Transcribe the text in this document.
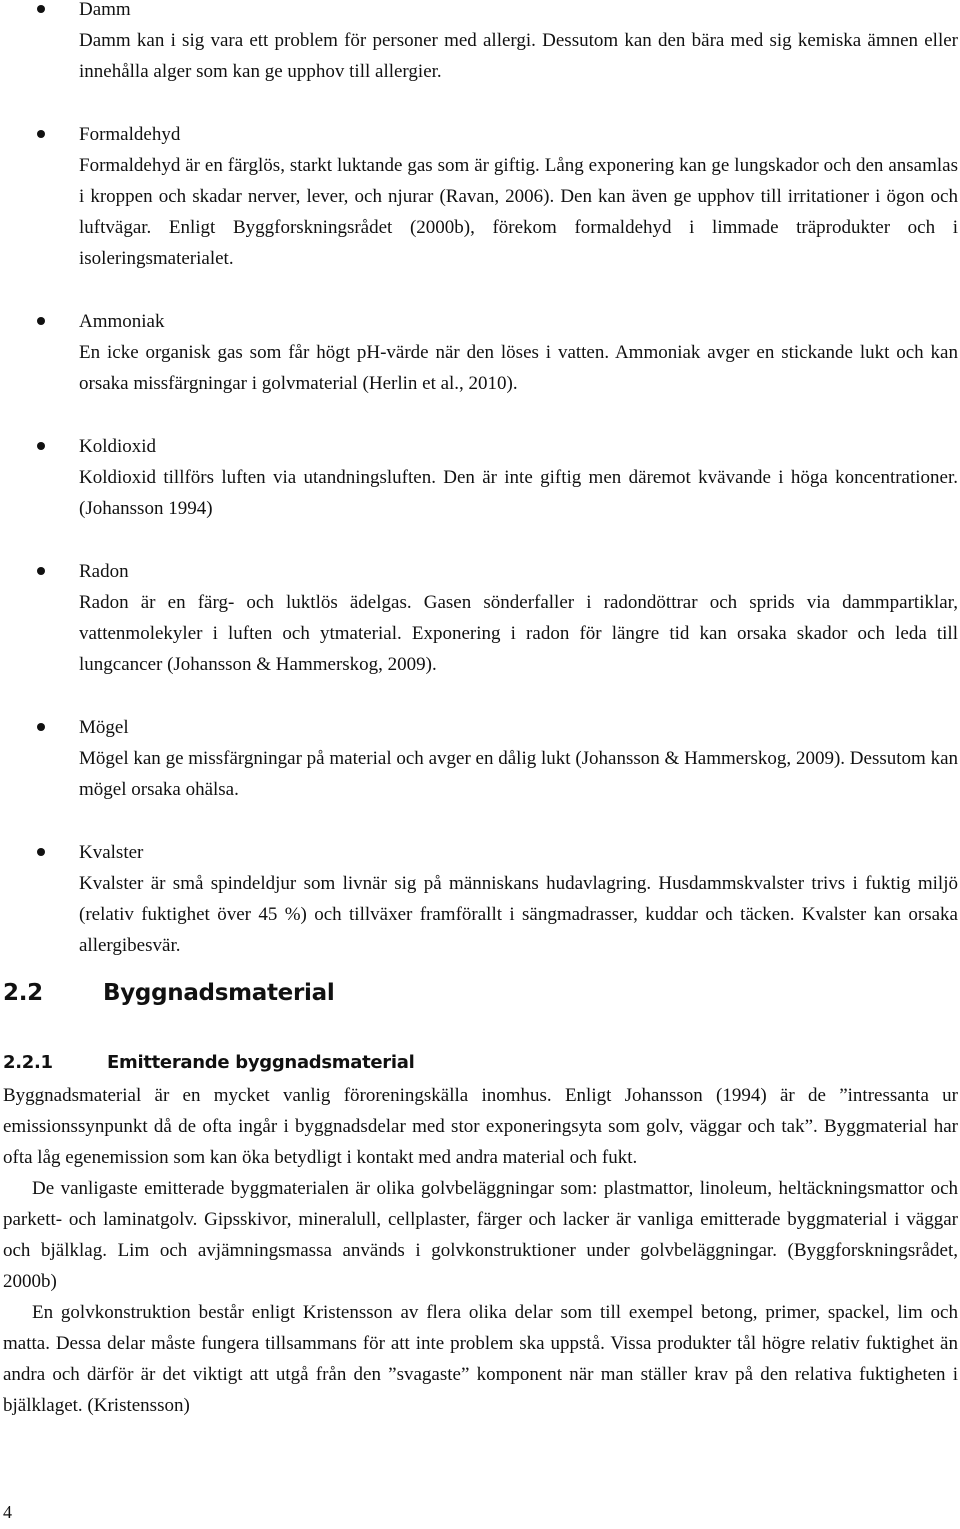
Damm

Damm kan i sig vara ett problem för personer med allergi. Dessutom kan den bära med sig kemiska ämnen eller innehålla alger som kan ge upphov till allergier.

Formaldehyd

Formaldehyd är en färglös, starkt luktande gas som är giftig. Lång exponering kan ge lungskador och den ansamlas i kroppen och skadar nerver, lever, och njurar (Ravan, 2006). Den kan även ge upphov till irritationer i ögon och luftvägar. Enligt Byggforskningsrådet (2000b), förekom formaldehyd i limmade träprodukter och i isoleringsmaterialet.

Ammoniak

En icke organisk gas som får högt pH-värde när den löses i vatten. Ammoniak avger en stickande lukt och kan orsaka missfärgningar i golvmaterial (Herlin et al., 2010).

Koldioxid

Koldioxid tillförs luften via utandningsluften. Den är inte giftig men däremot kvävande i höga koncentrationer. (Johansson 1994)

Radon

Radon är en färg- och luktlös ädelgas. Gasen sönderfaller i radondöttrar och sprids via dammpartiklar, vattenmolekyler i luften och ytmaterial. Exponering i radon för längre tid kan orsaka skador och leda till lungcancer (Johansson & Hammerskog, 2009).

Mögel

Mögel kan ge missfärgningar på material och avger en dålig lukt (Johansson & Hammerskog, 2009). Dessutom kan mögel orsaka ohälsa.

Kvalster

Kvalster är små spindeldjur som livnär sig på människans hudavlagring. Husdammskvalster trivs i fuktig miljö (relativ fuktighet över 45 %) och tillväxer framförallt i sängmadrasser, kuddar och täcken. Kvalster kan orsaka allergibesvär.

2.2	Byggnadsmaterial
2.2.1	Emitterande byggnadsmaterial

Byggnadsmaterial är en mycket vanlig föroreningskälla inomhus. Enligt Johansson (1994) är de ”intressanta ur emissionssynpunkt då de ofta ingår i byggnadsdelar med stor exponeringsyta som golv, väggar och tak”. Byggmaterial har ofta låg egenemission som kan öka betydligt i kontakt med andra material och fukt.

De vanligaste emitterade byggmaterialen är olika golvbeläggningar som: plastmattor, linoleum, heltäckningsmattor och parkett- och laminatgolv. Gipsskivor, mineralull, cellplaster, färger och lacker är vanliga emitterade byggmaterial i väggar och bjälklag. Lim och avjämningsmassa används i golvkonstruktioner under golvbeläggningar. (Byggforskningsrådet, 2000b)

En golvkonstruktion består enligt Kristensson av flera olika delar som till exempel betong, primer, spackel, lim och matta. Dessa delar måste fungera tillsammans för att inte problem ska uppstå. Vissa produkter tål högre relativ fuktighet än andra och därför är det viktigt att utgå från den ”svagaste” komponent när man ställer krav på den relativa fuktigheten i bjälklaget. (Kristensson)

4
